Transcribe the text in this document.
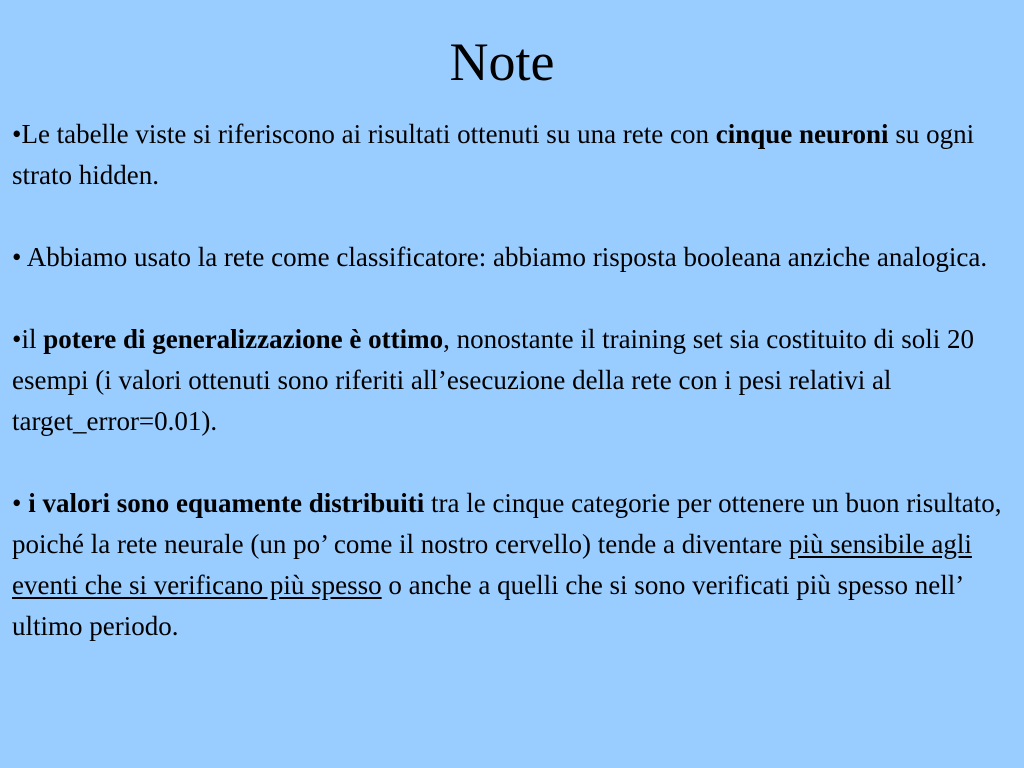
Note

•Le tabelle viste si riferiscono ai risultati ottenuti su una rete con cinque neuroni su ogni strato hidden.

• Abbiamo usato la rete come classificatore: abbiamo risposta booleana anziche analogica.

•il potere di generalizzazione è ottimo, nonostante il training set sia costituito di soli 20 esempi (i valori ottenuti sono riferiti all’esecuzione della rete con i pesi relativi al target_error=0.01).

• i valori sono equamente distribuiti tra le cinque categorie per ottenere un buon risultato, poiché la rete neurale (un po’ come il nostro cervello) tende a diventare più sensibile agli eventi che si verificano più spesso o anche a quelli che si sono verificati più spesso nell’ ultimo periodo.
